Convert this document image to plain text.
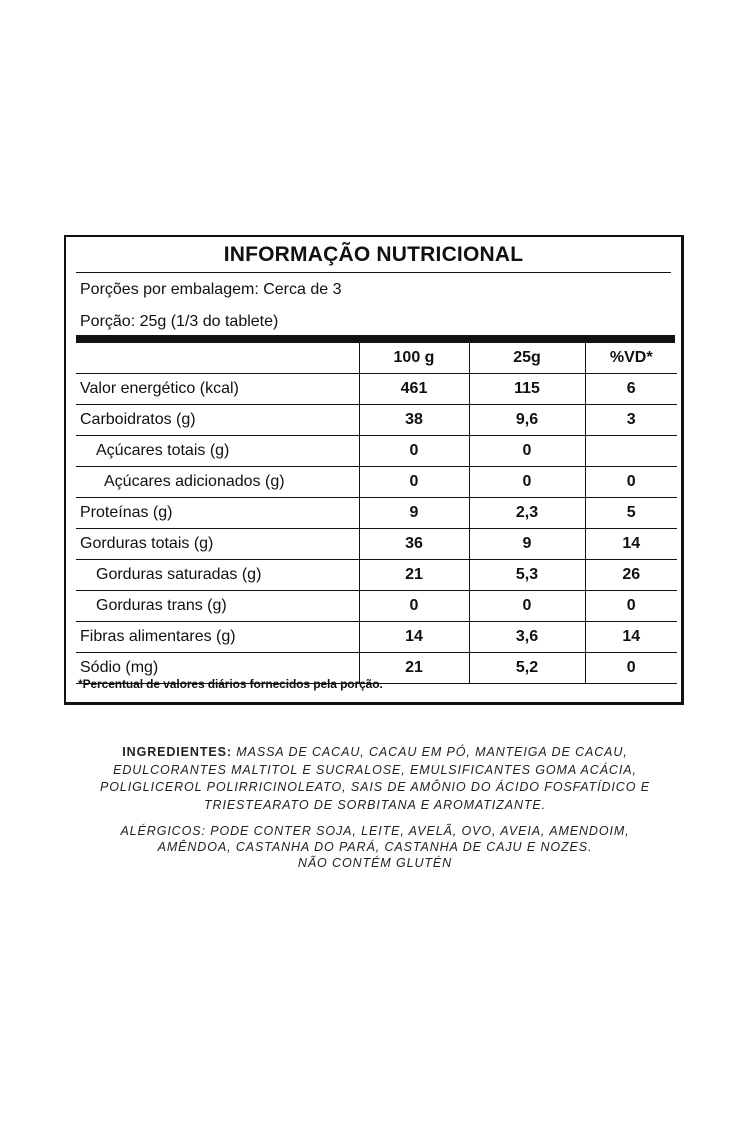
INFORMAÇÃO NUTRICIONAL
Porções por embalagem: Cerca de 3
Porção: 25g (1/3 do tablete)
	100 g	25g	%VD*
Valor energético (kcal)	461	115	6
Carboidratos (g)	38	9,6	3
Açúcares totais (g)	0	0	
Açúcares adicionados (g)	0	0	0
Proteínas (g)	9	2,3	5
Gorduras totais (g)	36	9	14
Gorduras saturadas (g)	21	5,3	26
Gorduras trans (g)	0	0	0
Fibras alimentares (g)	14	3,6	14
Sódio (mg)	21	5,2	0
*Percentual de valores diários fornecidos pela porção.
INGREDIENTES: MASSA DE CACAU, CACAU EM PÓ, MANTEIGA DE CACAU, EDULCORANTES MALTITOL E SUCRALOSE, EMULSIFICANTES GOMA ACÁCIA, POLIGLICEROL POLIRRICINOLEATO, SAIS DE AMÔNIO DO ÁCIDO FOSFATÍDICO E TRIESTEARATO DE SORBITANA E AROMATIZANTE.
ALÉRGICOS: PODE CONTER SOJA, LEITE, AVELÃ, OVO, AVEIA, AMENDOIM,
AMÊNDOA, CASTANHA DO PARÁ, CASTANHA DE CAJU E NOZES.
NÃO CONTÉM GLUTÉN
